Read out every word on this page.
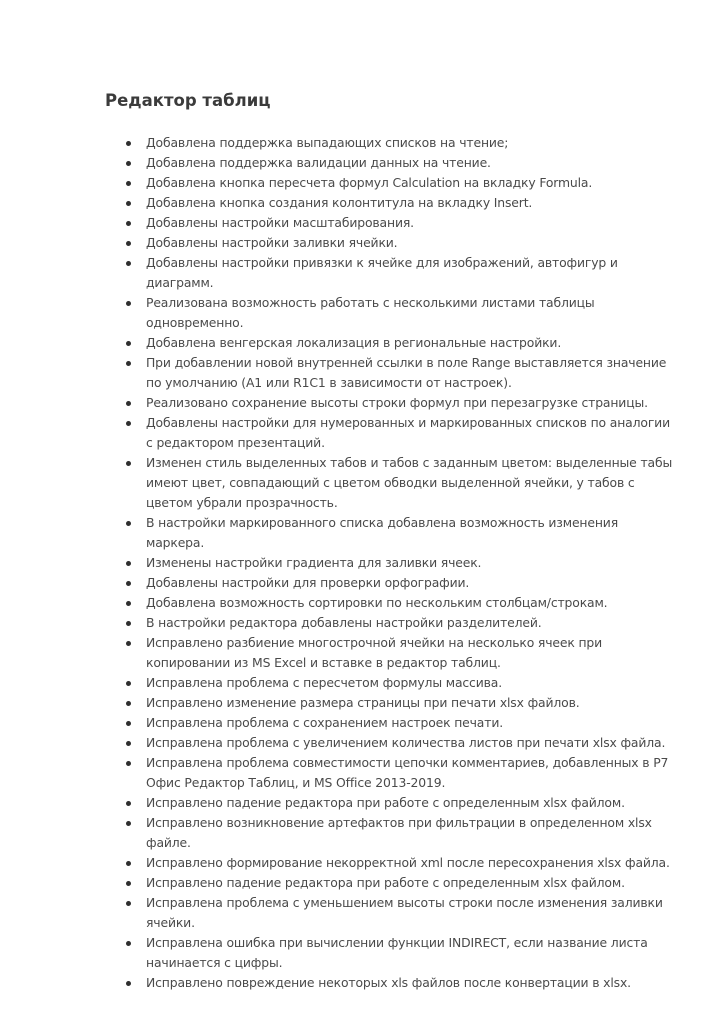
Редактор таблиц
Добавлена поддержка выпадающих списков на чтение;
Добавлена поддержка валидации данных на чтение.
Добавлена кнопка пересчета формул Calculation на вкладку Formula.
Добавлена кнопка создания колонтитула на вкладку Insert.
Добавлены настройки масштабирования.
Добавлены настройки заливки ячейки.
Добавлены настройки привязки к ячейке для изображений, автофигур и диаграмм.
Реализована возможность работать с несколькими листами таблицы одновременно.
Добавлена венгерская локализация в региональные настройки.
При добавлении новой внутренней ссылки в поле Range выставляется значение по умолчанию (A1 или R1C1 в зависимости от настроек).
Реализовано сохранение высоты строки формул при перезагрузке страницы.
Добавлены настройки для нумерованных и маркированных списков по аналогии с редактором презентаций.
Изменен стиль выделенных табов и табов с заданным цветом: выделенные табы имеют цвет, совпадающий с цветом обводки выделенной ячейки, у табов с цветом убрали прозрачность.
В настройки маркированного списка добавлена возможность изменения маркера.
Изменены настройки градиента для заливки ячеек.
Добавлены настройки для проверки орфографии.
Добавлена возможность сортировки по нескольким столбцам/строкам.
В настройки редактора добавлены настройки разделителей.
Исправлено разбиение многострочной ячейки на несколько ячеек при копировании из MS Excel и вставке в редактор таблиц.
Исправлена проблема с пересчетом формулы массива.
Исправлено изменение размера страницы при печати xlsx файлов.
Исправлена проблема с сохранением настроек печати.
Исправлена проблема с увеличением количества листов при печати xlsx файла.
Исправлена проблема совместимости цепочки комментариев, добавленных в Р7 Офис Редактор Таблиц, и MS Office 2013-2019.
Исправлено падение редактора при работе с определенным xlsx файлом.
Исправлено возникновение артефактов при фильтрации в определенном xlsx файле.
Исправлено формирование некорректной xml после пересохранения xlsx файла.
Исправлено падение редактора при работе с определенным xlsx файлом.
Исправлена проблема с уменьшением высоты строки после изменения заливки ячейки.
Исправлена ошибка при вычислении функции INDIRECT, если название листа начинается с цифры.
Исправлено повреждение некоторых xls файлов после конвертации в xlsx.
